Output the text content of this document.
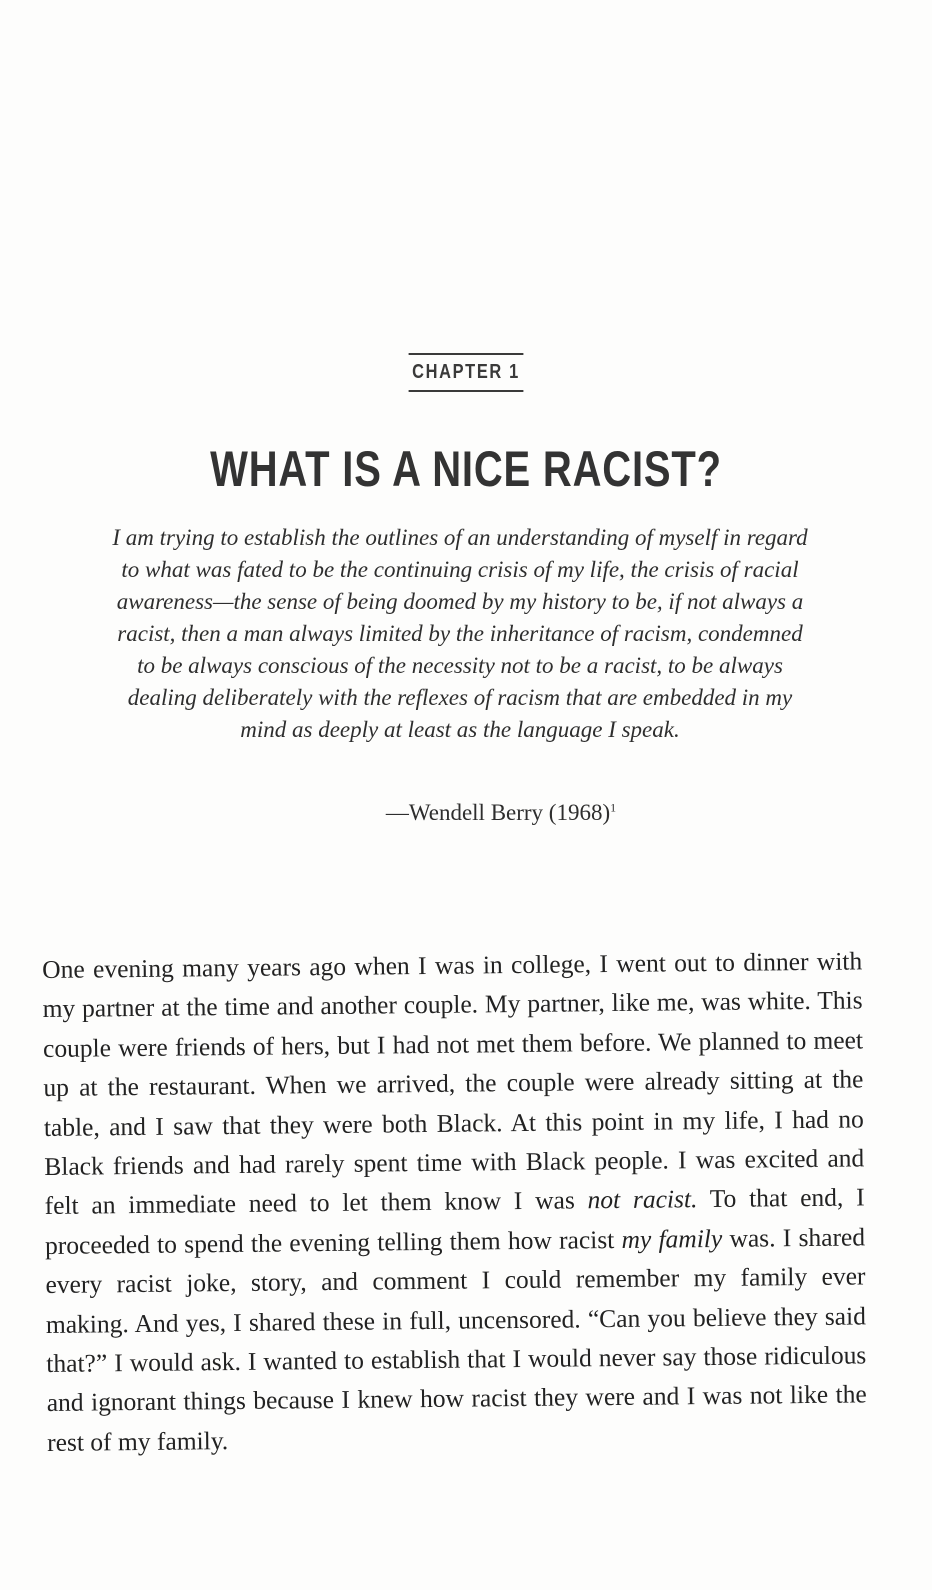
CHAPTER 1
WHAT IS A NICE RACIST?

I am trying to establish the outlines of an understanding of myself in regard to what was fated to be the continuing crisis of my life, the crisis of racial awareness—the sense of being doomed by my history to be, if not always a racist, then a man always limited by the inheritance of racism, condemned to be always conscious of the necessity not to be a racist, to be always dealing deliberately with the reflexes of racism that are embedded in my mind as deeply at least as the language I speak.

—Wendell Berry $(1968)^1$

One evening many years ago when I was in college, I went out to dinner with my partner at the time and another couple. My partner, like me, was white. This couple were friends of hers, but I had not met them before. We planned to meet up at the restaurant. When we arrived, the couple were already sitting at the table, and I saw that they were both Black. At this point in my life, I had no Black friends and had rarely spent time with Black people. I was excited and felt an immediate need to let them know I was not racist. To that end, I proceeded to spend the evening telling them how racist my family was. I shared every racist joke, story, and comment I could remember my family ever making. And yes, I shared these in full, uncensored. “Can you believe they said that?” I would ask. I wanted to establish that I would never say those ridiculous and ignorant things because I knew how racist they were and I was not like the rest of my family.
